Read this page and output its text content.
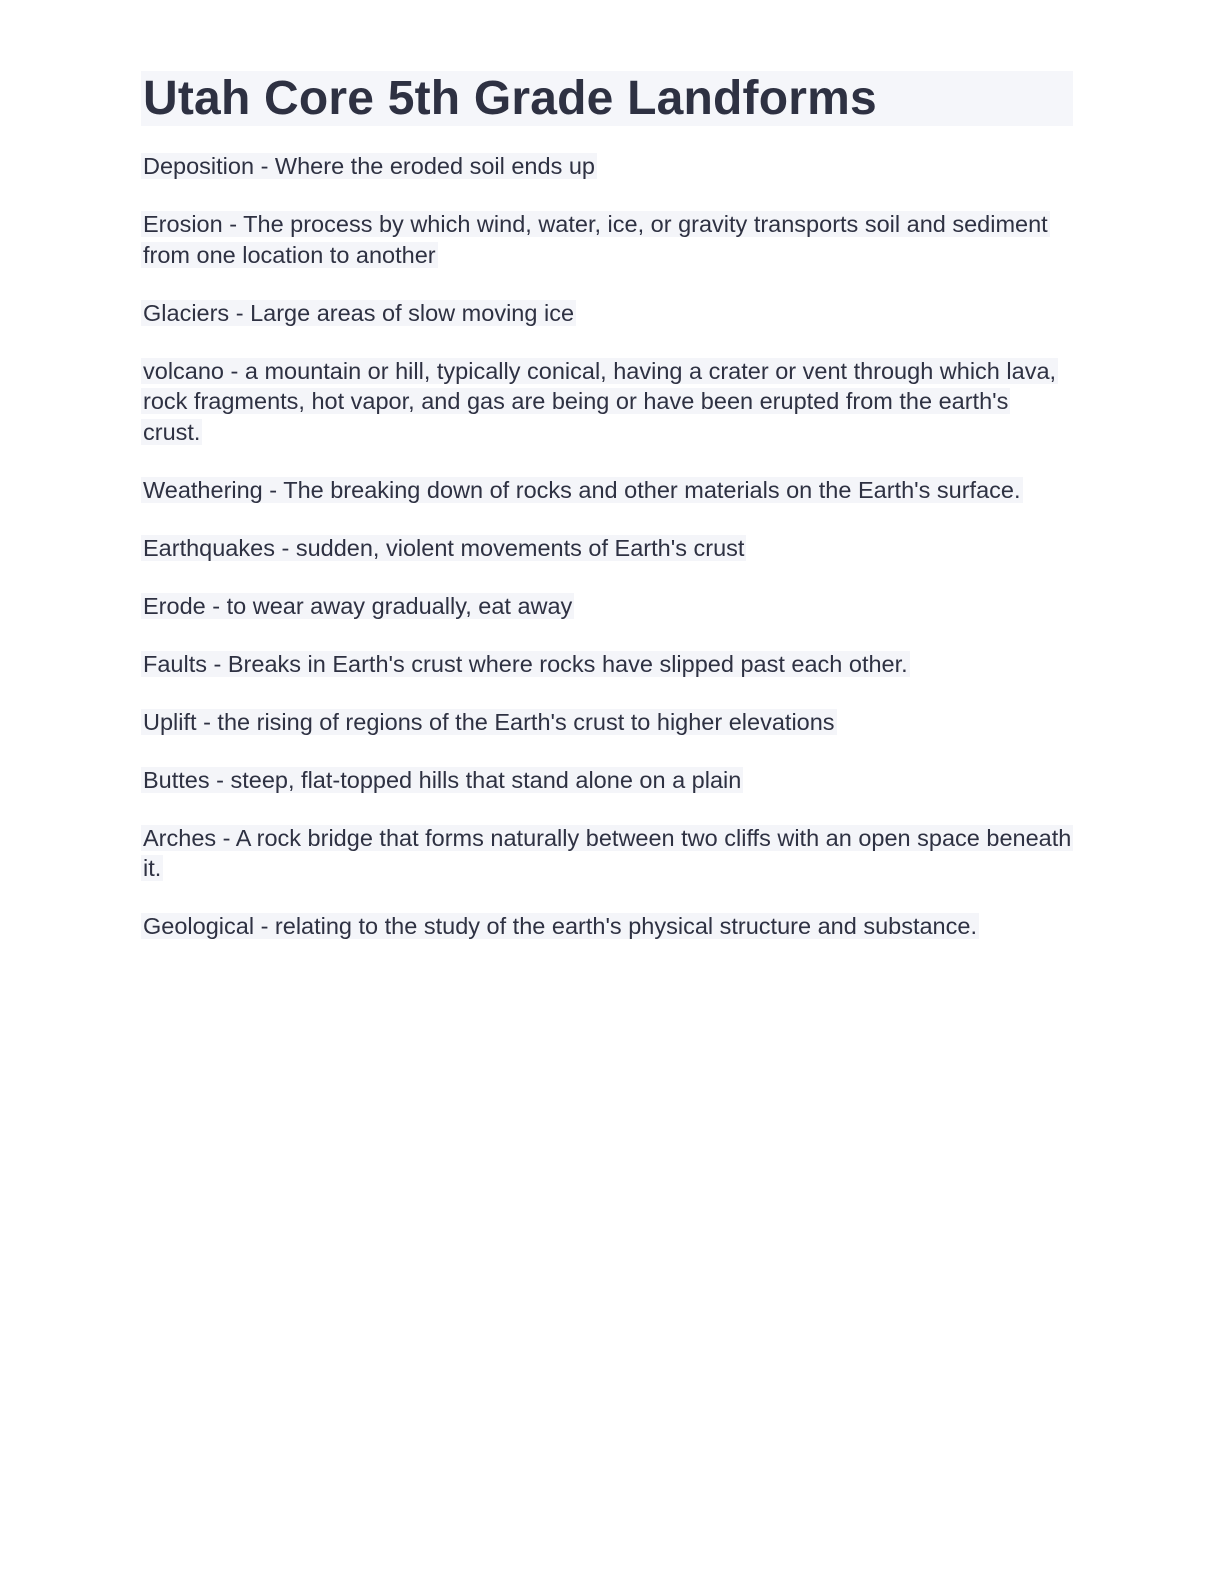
Utah Core 5th Grade Landforms

Deposition - Where the eroded soil ends up

Erosion - The process by which wind, water, ice, or gravity transports soil and sediment from one location to another

Glaciers - Large areas of slow moving ice

volcano - a mountain or hill, typically conical, having a crater or vent through which lava, rock fragments, hot vapor, and gas are being or have been erupted from the earth's crust.

Weathering - The breaking down of rocks and other materials on the Earth's surface.

Earthquakes - sudden, violent movements of Earth's crust

Erode - to wear away gradually, eat away

Faults - Breaks in Earth's crust where rocks have slipped past each other.

Uplift - the rising of regions of the Earth's crust to higher elevations

Buttes - steep, flat-topped hills that stand alone on a plain

Arches - A rock bridge that forms naturally between two cliffs with an open space beneath it.

Geological - relating to the study of the earth's physical structure and substance.
